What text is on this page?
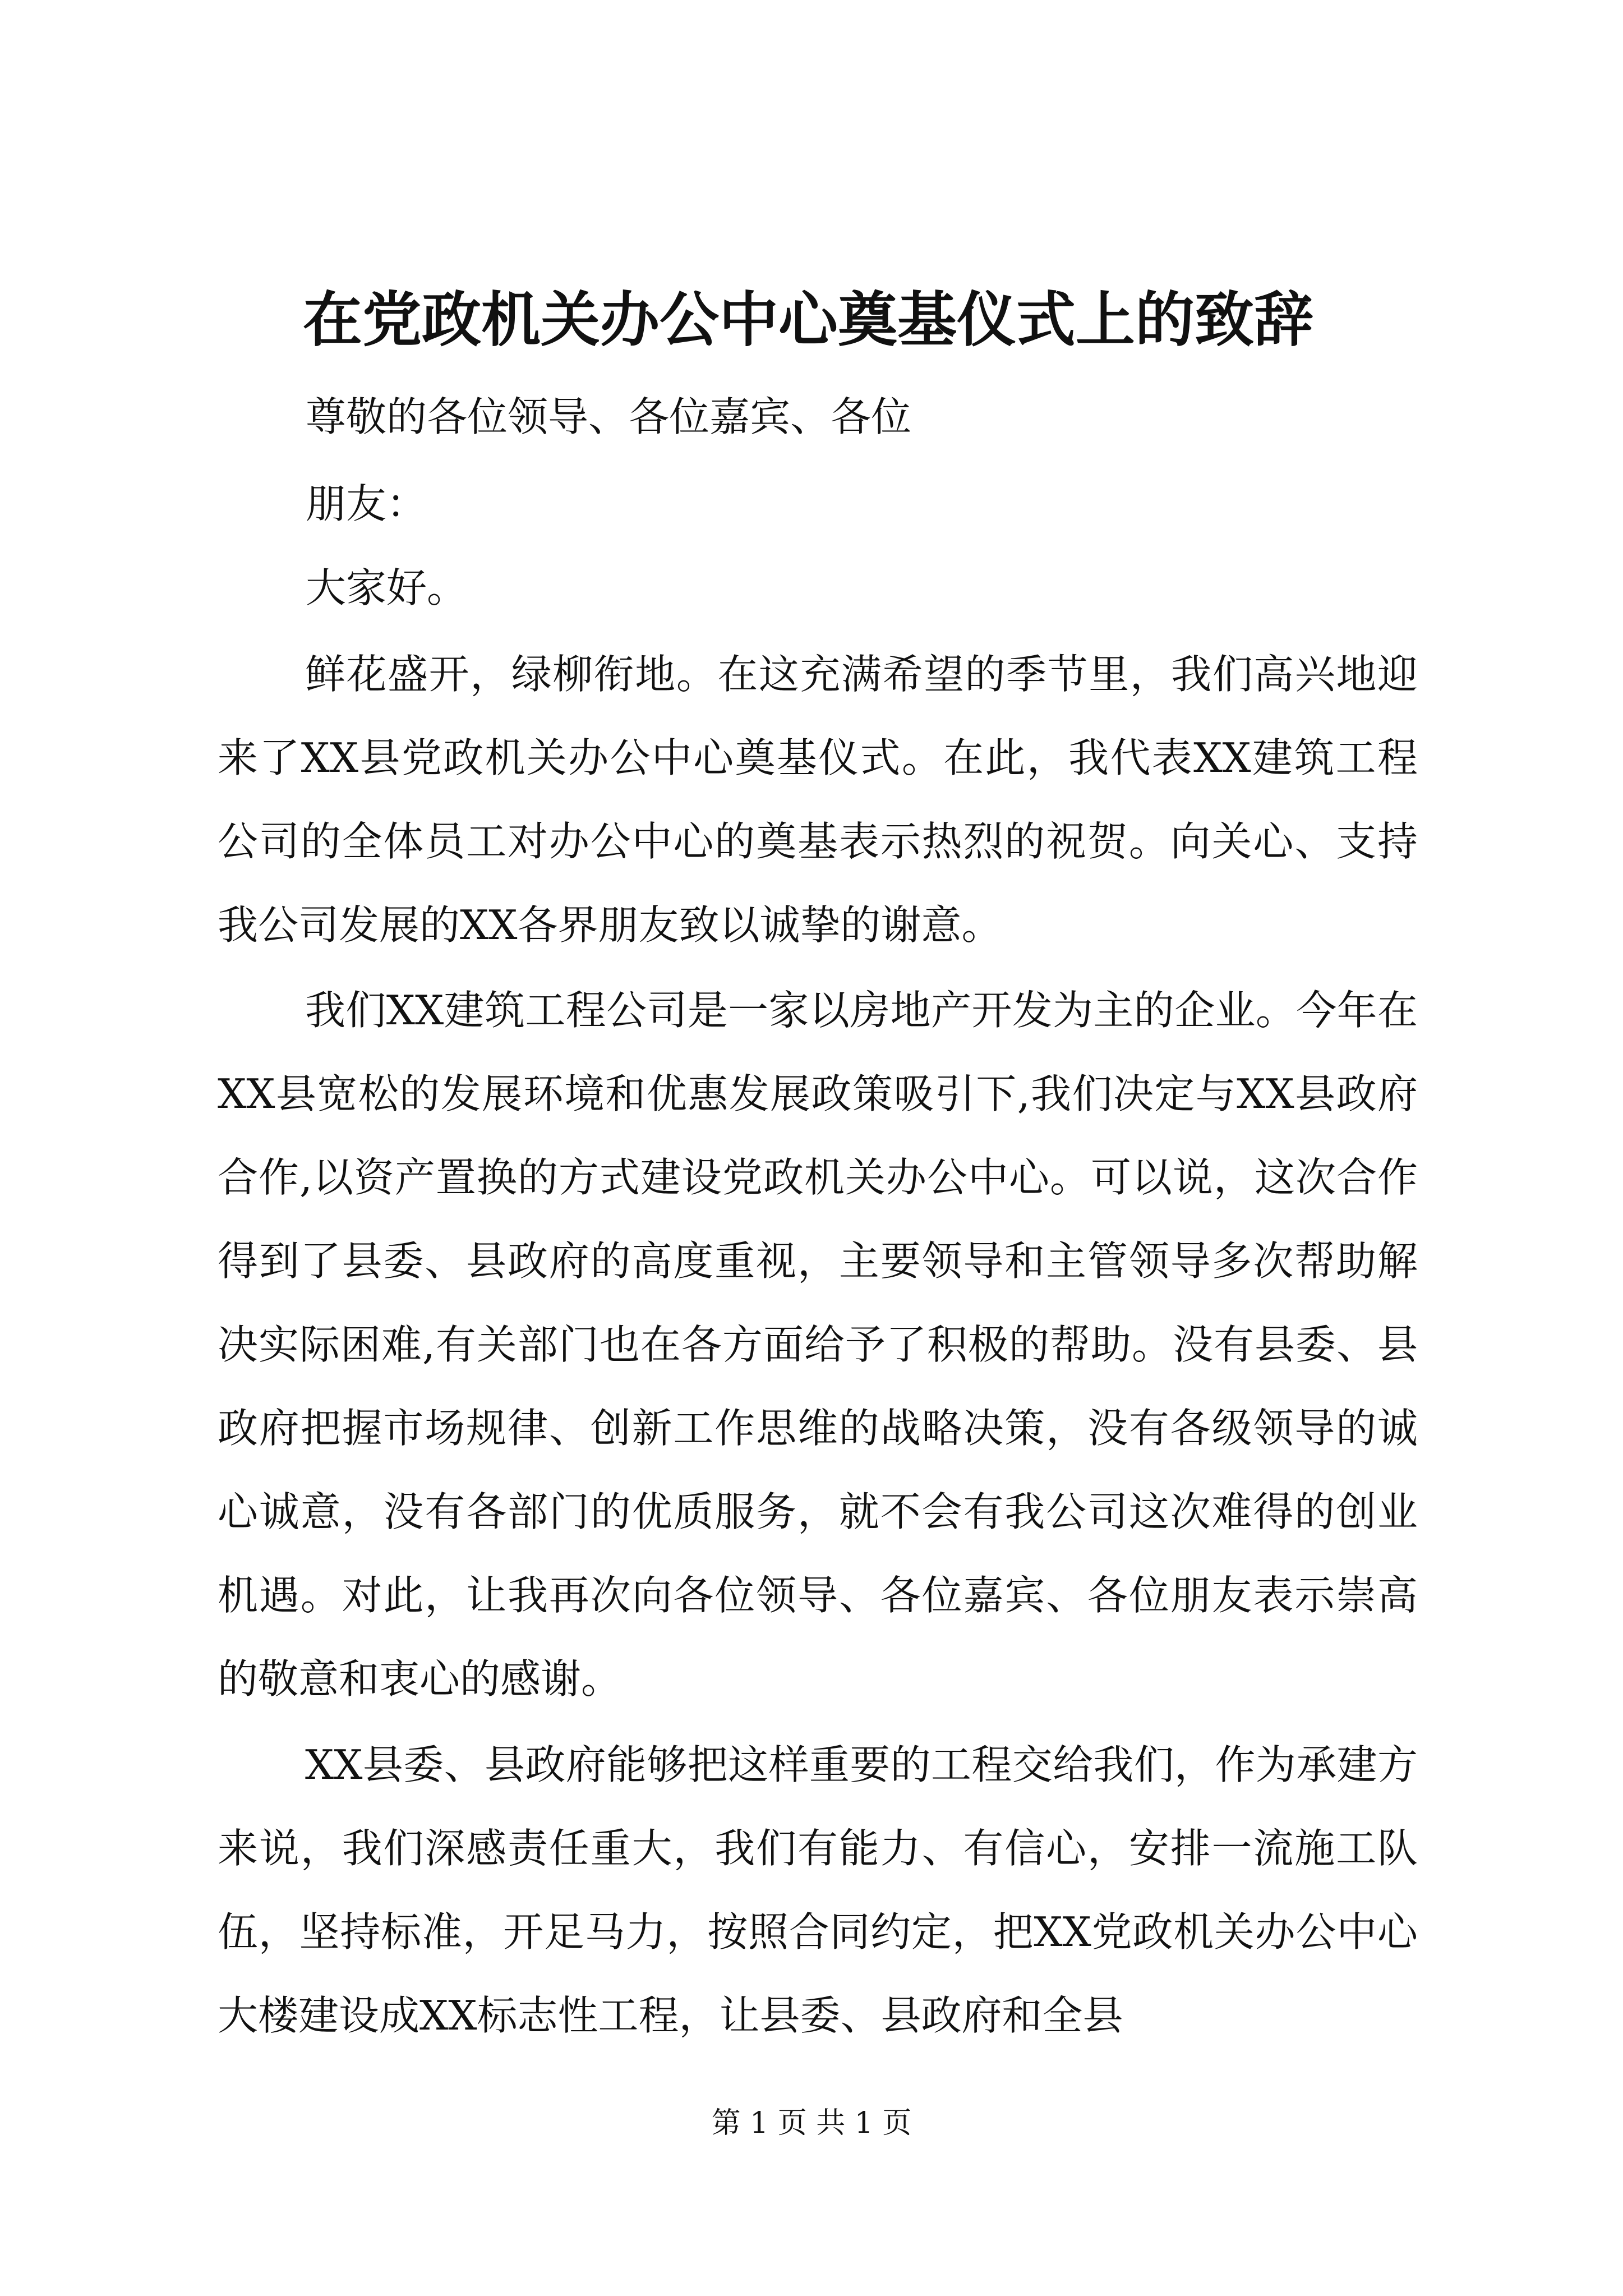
在党政机关办公中心奠基仪式上的致辞
尊敬的各位领导、各位嘉宾、各位
朋友：
大家好。
鲜花盛开，绿柳衔地。在这充满希望的季节里，我们高兴地迎来了XX县党政机关办公中心奠基仪式。在此，我代表XX建筑工程公司的全体员工对办公中心的奠基表示热烈的祝贺。向关心、支持我公司发展的XX各界朋友致以诚挚的谢意。
我们XX建筑工程公司是一家以房地产开发为主的企业。今年在XX县宽松的发展环境和优惠发展政策吸引下,我们决定与XX县政府合作,以资产置换的方式建设党政机关办公中心。可以说，这次合作得到了县委、县政府的高度重视，主要领导和主管领导多次帮助解决实际困难,有关部门也在各方面给予了积极的帮助。没有县委、县政府把握市场规律、创新工作思维的战略决策，没有各级领导的诚心诚意，没有各部门的优质服务，就不会有我公司这次难得的创业机遇。对此，让我再次向各位领导、各位嘉宾、各位朋友表示崇高的敬意和衷心的感谢。
XX县委、县政府能够把这样重要的工程交给我们，作为承建方来说，我们深感责任重大，我们有能力、有信心，安排一流施工队伍，坚持标准，开足马力，按照合同约定，把XX党政机关办公中心大楼建设成XX标志性工程，让县委、县政府和全县
第 1 页 共 1 页
